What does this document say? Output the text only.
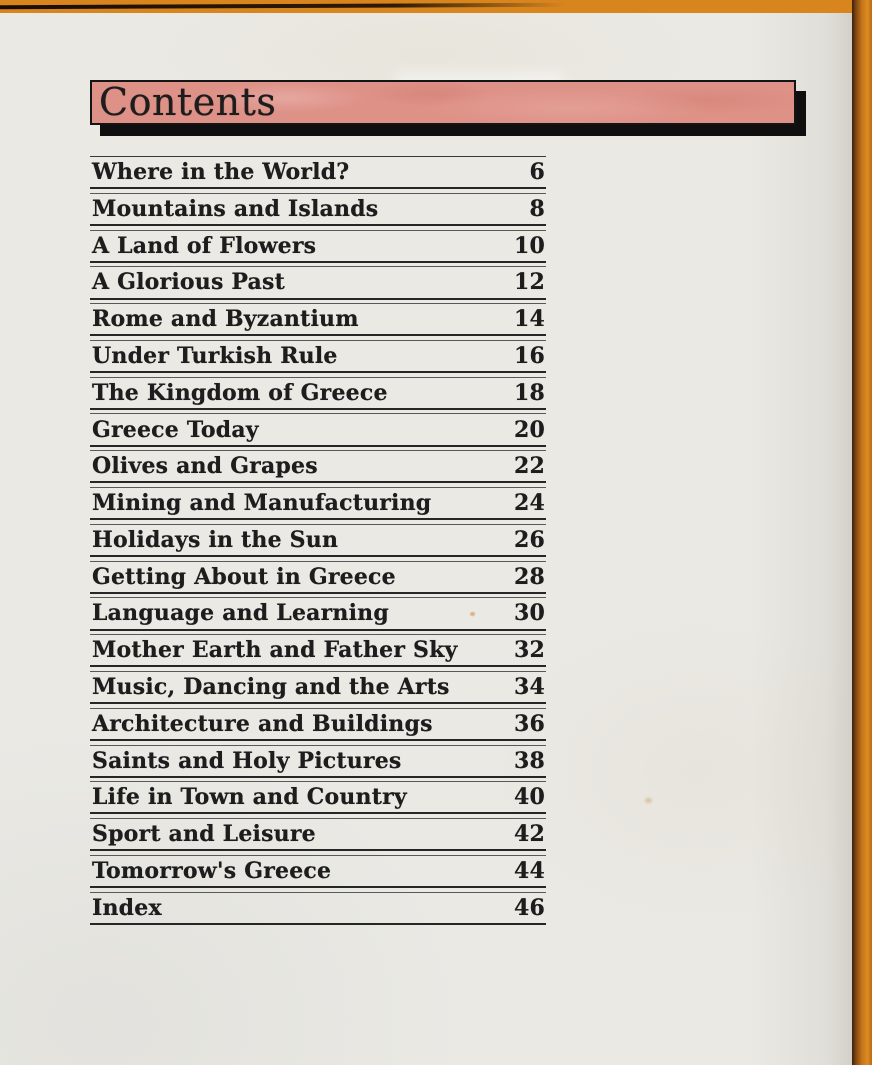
Contents
Where in the World?	6
Mountains and Islands	8
A Land of Flowers	10
A Glorious Past	12
Rome and Byzantium	14
Under Turkish Rule	16
The Kingdom of Greece	18
Greece Today	20
Olives and Grapes	22
Mining and Manufacturing	24
Holidays in the Sun	26
Getting About in Greece	28
Language and Learning	30
Mother Earth and Father Sky	32
Music, Dancing and the Arts	34
Architecture and Buildings	36
Saints and Holy Pictures	38
Life in Town and Country	40
Sport and Leisure	42
Tomorrow's Greece	44
Index	46
